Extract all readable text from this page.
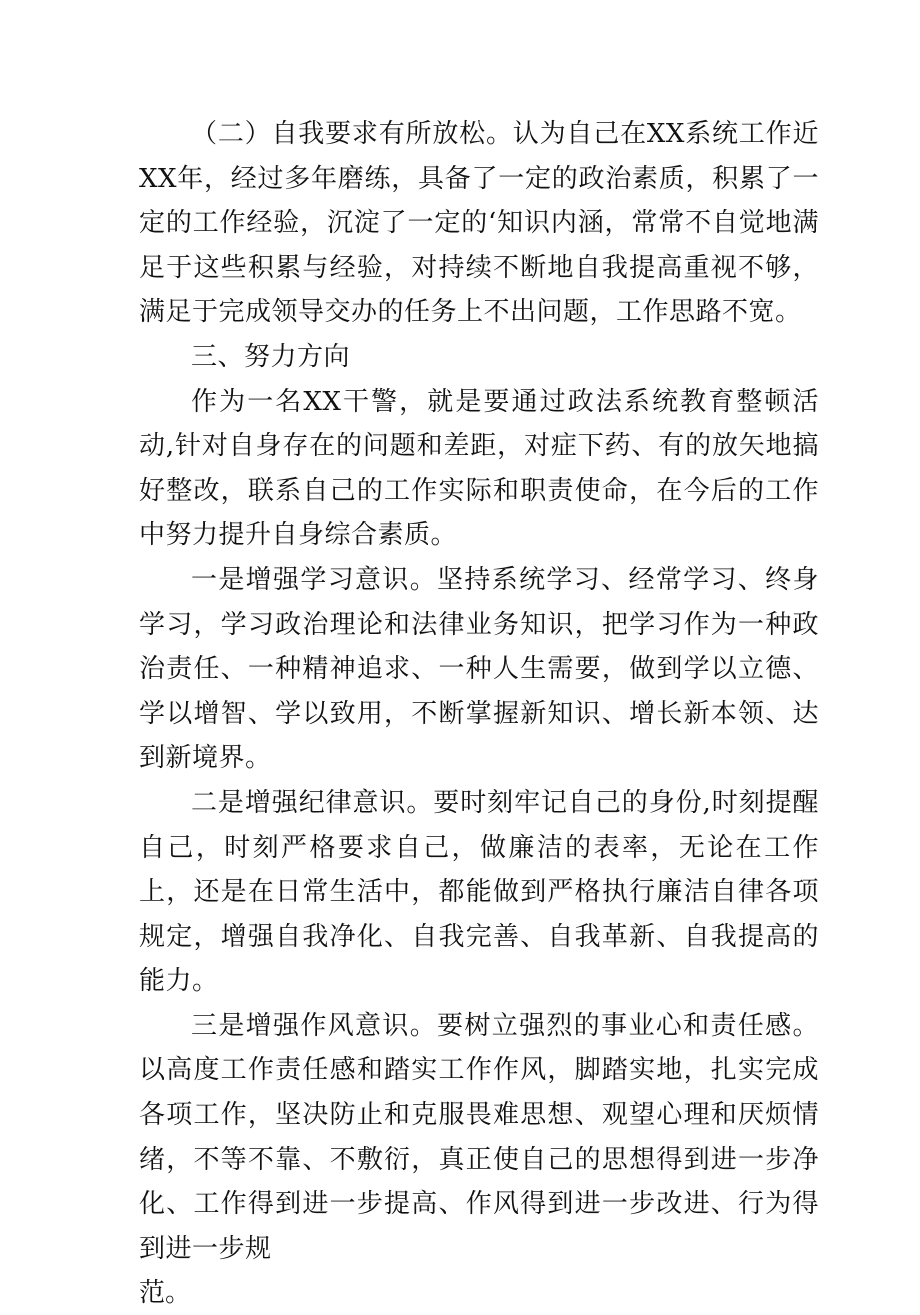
（二）自我要求有所放松。认为自己在XX系统工作近XX年，经过多年磨练，具备了一定的政治素质，积累了一定的工作经验，沉淀了一定的‘知识内涵，常常不自觉地满足于这些积累与经验，对持续不断地自我提高重视不够，满足于完成领导交办的任务上不出问题，工作思路不宽。

三、努力方向

作为一名XX干警，就是要通过政法系统教育整顿活动,针对自身存在的问题和差距，对症下药、有的放矢地搞好整改，联系自己的工作实际和职责使命，在今后的工作中努力提升自身综合素质。

一是增强学习意识。坚持系统学习、经常学习、终身学习，学习政治理论和法律业务知识，把学习作为一种政治责任、一种精神追求、一种人生需要，做到学以立德、学以增智、学以致用，不断掌握新知识、增长新本领、达到新境界。

二是增强纪律意识。要时刻牢记自己的身份,时刻提醒自己，时刻严格要求自己，做廉洁的表率，无论在工作上，还是在日常生活中，都能做到严格执行廉洁自律各项规定，增强自我净化、自我完善、自我革新、自我提高的能力。

三是增强作风意识。要树立强烈的事业心和责任感。以高度工作责任感和踏实工作作风，脚踏实地，扎实完成各项工作，坚决防止和克服畏难思想、观望心理和厌烦情绪，不等不靠、不敷衍，真正使自己的思想得到进一步净化、工作得到进一步提高、作风得到进一步改进、行为得到进一步规

范。
